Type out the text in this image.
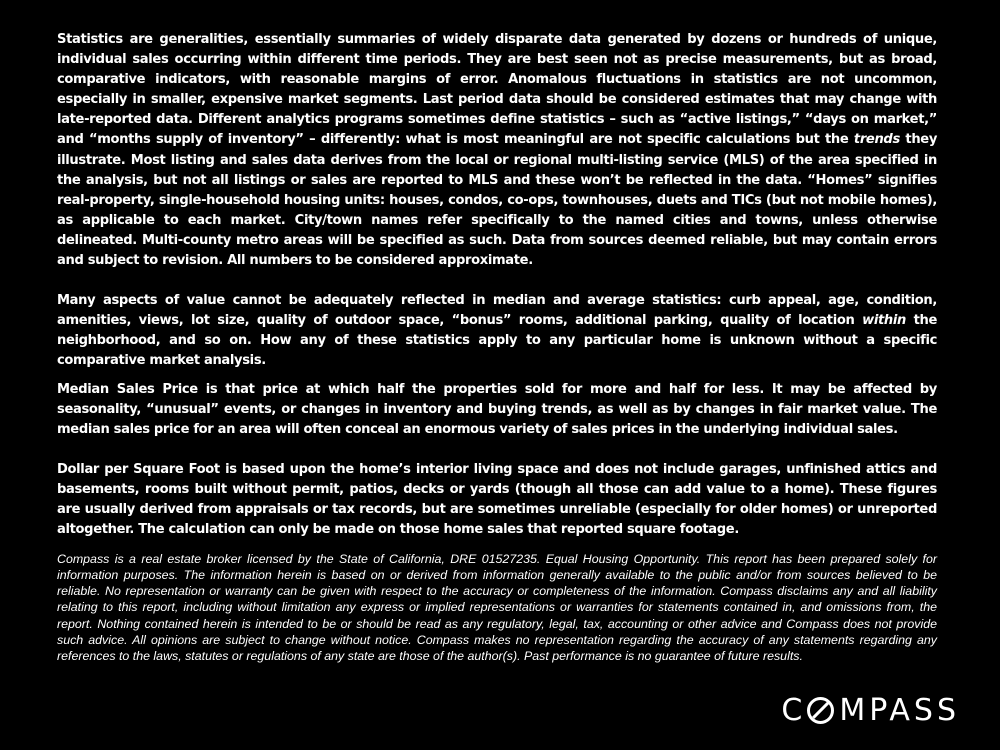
Statistics are generalities, essentially summaries of widely disparate data generated by dozens or hundreds of unique, individual sales occurring within different time periods. They are best seen not as precise measurements, but as broad, comparative indicators, with reasonable margins of error. Anomalous fluctuations in statistics are not uncommon, especially in smaller, expensive market segments. Last period data should be considered estimates that may change with late-reported data. Different analytics programs sometimes define statistics – such as “active listings,” “days on market,” and “months supply of inventory” – differently: what is most meaningful are not specific calculations but the trends they illustrate. Most listing and sales data derives from the local or regional multi-listing service (MLS) of the area specified in the analysis, but not all listings or sales are reported to MLS and these won’t be reflected in the data. “Homes” signifies real-property, single-household housing units: houses, condos, co-ops, townhouses, duets and TICs (but not mobile homes), as applicable to each market. City/town names refer specifically to the named cities and towns, unless otherwise delineated. Multi-county metro areas will be specified as such. Data from sources deemed reliable, but may contain errors and subject to revision. All numbers to be considered approximate.

Many aspects of value cannot be adequately reflected in median and average statistics: curb appeal, age, condition, amenities, views, lot size, quality of outdoor space, “bonus” rooms, additional parking, quality of location within the neighborhood, and so on. How any of these statistics apply to any particular home is unknown without a specific comparative market analysis.

Median Sales Price is that price at which half the properties sold for more and half for less. It may be affected by seasonality, “unusual” events, or changes in inventory and buying trends, as well as by changes in fair market value. The median sales price for an area will often conceal an enormous variety of sales prices in the underlying individual sales.

Dollar per Square Foot is based upon the home’s interior living space and does not include garages, unfinished attics and basements, rooms built without permit, patios, decks or yards (though all those can add value to a home). These figures are usually derived from appraisals or tax records, but are sometimes unreliable (especially for older homes) or unreported altogether. The calculation can only be made on those home sales that reported square footage.

Compass is a real estate broker licensed by the State of California, DRE 01527235. Equal Housing Opportunity. This report has been prepared solely for information purposes. The information herein is based on or derived from information generally available to the public and/or from sources believed to be reliable. No representation or warranty can be given with respect to the accuracy or completeness of the information. Compass disclaims any and all liability relating to this report, including without limitation any express or implied representations or warranties for statements contained in, and omissions from, the report. Nothing contained herein is intended to be or should be read as any regulatory, legal, tax, accounting or other advice and Compass does not provide such advice. All opinions are subject to change without notice. Compass makes no representation regarding the accuracy of any statements regarding any references to the laws, statutes or regulations of any state are those of the author(s). Past performance is no guarantee of future results.

C MPASS
